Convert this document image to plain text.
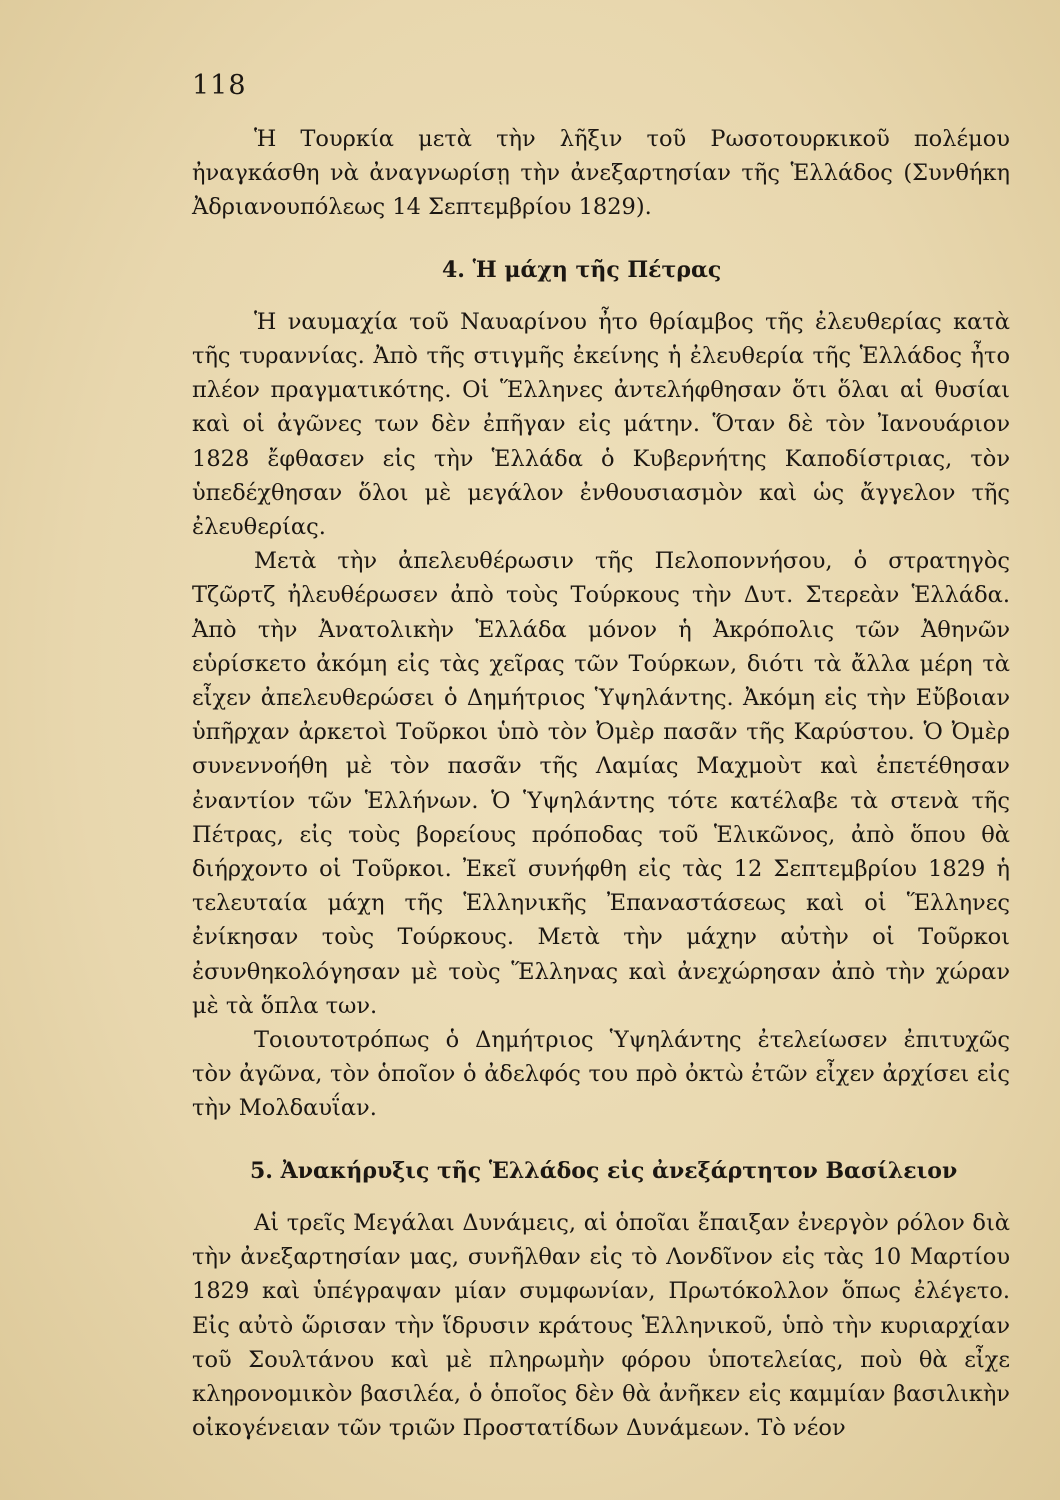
118

Ἡ Τουρκία μετὰ τὴν λῆξιν τοῦ Ρωσοτουρκικοῦ πολέμου ἠναγκάσθη νὰ ἀναγνωρίσῃ τὴν ἀνεξαρτησίαν τῆς Ἑλλάδος (Συνθήκη Ἀδριανουπόλεως 14 Σεπτεμβρίου 1829).

4. Ἡ μάχη τῆς Πέτρας

Ἡ ναυμαχία τοῦ Ναυαρίνου ἦτο θρίαμβος τῆς ἐλευθερίας κατὰ τῆς τυραννίας. Ἀπὸ τῆς στιγμῆς ἐκείνης ἡ ἐλευθερία τῆς Ἑλλάδος ἦτο πλέον πραγματικότης. Οἱ Ἕλληνες ἀντελήφθησαν ὅτι ὅλαι αἱ θυσίαι καὶ οἱ ἀγῶνες των δὲν ἐπῆγαν εἰς μάτην. Ὅταν δὲ τὸν Ἰανουάριον 1828 ἔφθασεν εἰς τὴν Ἑλλάδα ὁ Κυβερνήτης Καποδίστριας, τὸν ὑπεδέχθησαν ὅλοι μὲ μεγάλον ἐνθουσιασμὸν καὶ ὡς ἄγγελον τῆς ἐλευθερίας.

Μετὰ τὴν ἀπελευθέρωσιν τῆς Πελοποννήσου, ὁ στρατηγὸς Τζῶρτζ ἠλευθέρωσεν ἀπὸ τοὺς Τούρκους τὴν Δυτ. Στερεὰν Ἑλλάδα. Ἀπὸ τὴν Ἀνατολικὴν Ἑλλάδα μόνον ἡ Ἀκρόπολις τῶν Ἀθηνῶν εὑρίσκετο ἀκόμη εἰς τὰς χεῖρας τῶν Τούρκων, διότι τὰ ἄλλα μέρη τὰ εἶχεν ἀπελευθερώσει ὁ Δημήτριος Ὑψηλάντης. Ἀκόμη εἰς τὴν Εὔβοιαν ὑπῆρχαν ἀρκετοὶ Τοῦρκοι ὑπὸ τὸν Ὀμὲρ πασᾶν τῆς Καρύστου. Ὁ Ὀμὲρ συνεννοήθη μὲ τὸν πασᾶν τῆς Λαμίας Μαχμοὺτ καὶ ἐπετέθησαν ἐναντίον τῶν Ἑλλήνων. Ὁ Ὑψηλάντης τότε κατέλαβε τὰ στενὰ τῆς Πέτρας, εἰς τοὺς βορείους πρόποδας τοῦ Ἑλικῶνος, ἀπὸ ὅπου θὰ διήρχοντο οἱ Τοῦρκοι. Ἐκεῖ συνήφθη εἰς τὰς 12 Σεπτεμβρίου 1829 ἡ τελευταία μάχη τῆς Ἑλληνικῆς Ἐπαναστάσεως καὶ οἱ Ἕλληνες ἐνίκησαν τοὺς Τούρκους. Μετὰ τὴν μάχην αὐτὴν οἱ Τοῦρκοι ἐσυνθηκολόγησαν μὲ τοὺς Ἕλληνας καὶ ἀνεχώρησαν ἀπὸ τὴν χώραν μὲ τὰ ὅπλα των.

Τοιουτοτρόπως ὁ Δημήτριος Ὑψηλάντης ἐτελείωσεν ἐπιτυχῶς τὸν ἀγῶνα, τὸν ὁποῖον ὁ ἀδελφός του πρὸ ὀκτὼ ἐτῶν εἶχεν ἀρχίσει εἰς τὴν Μολδαυΐαν.

5. Ἀνακήρυξις τῆς Ἑλλάδος εἰς ἀνεξάρτητον Βασίλειον

Αἱ τρεῖς Μεγάλαι Δυνάμεις, αἱ ὁποῖαι ἔπαιξαν ἐνεργὸν ρόλον διὰ τὴν ἀνεξαρτησίαν μας, συνῆλθαν εἰς τὸ Λονδῖνον εἰς τὰς 10 Μαρτίου 1829 καὶ ὑπέγραψαν μίαν συμφωνίαν, Πρωτόκολλον ὅπως ἐλέγετο. Εἰς αὐτὸ ὥρισαν τὴν ἵδρυσιν κράτους Ἑλληνικοῦ, ὑπὸ τὴν κυριαρχίαν τοῦ Σουλτάνου καὶ μὲ πληρωμὴν φόρου ὑποτελείας, ποὺ θὰ εἶχε κληρονομικὸν βασιλέα, ὁ ὁποῖος δὲν θὰ ἀνῆκεν εἰς καμμίαν βασιλικὴν οἰκογένειαν τῶν τριῶν Προστατίδων Δυνάμεων. Τὸ νέον
